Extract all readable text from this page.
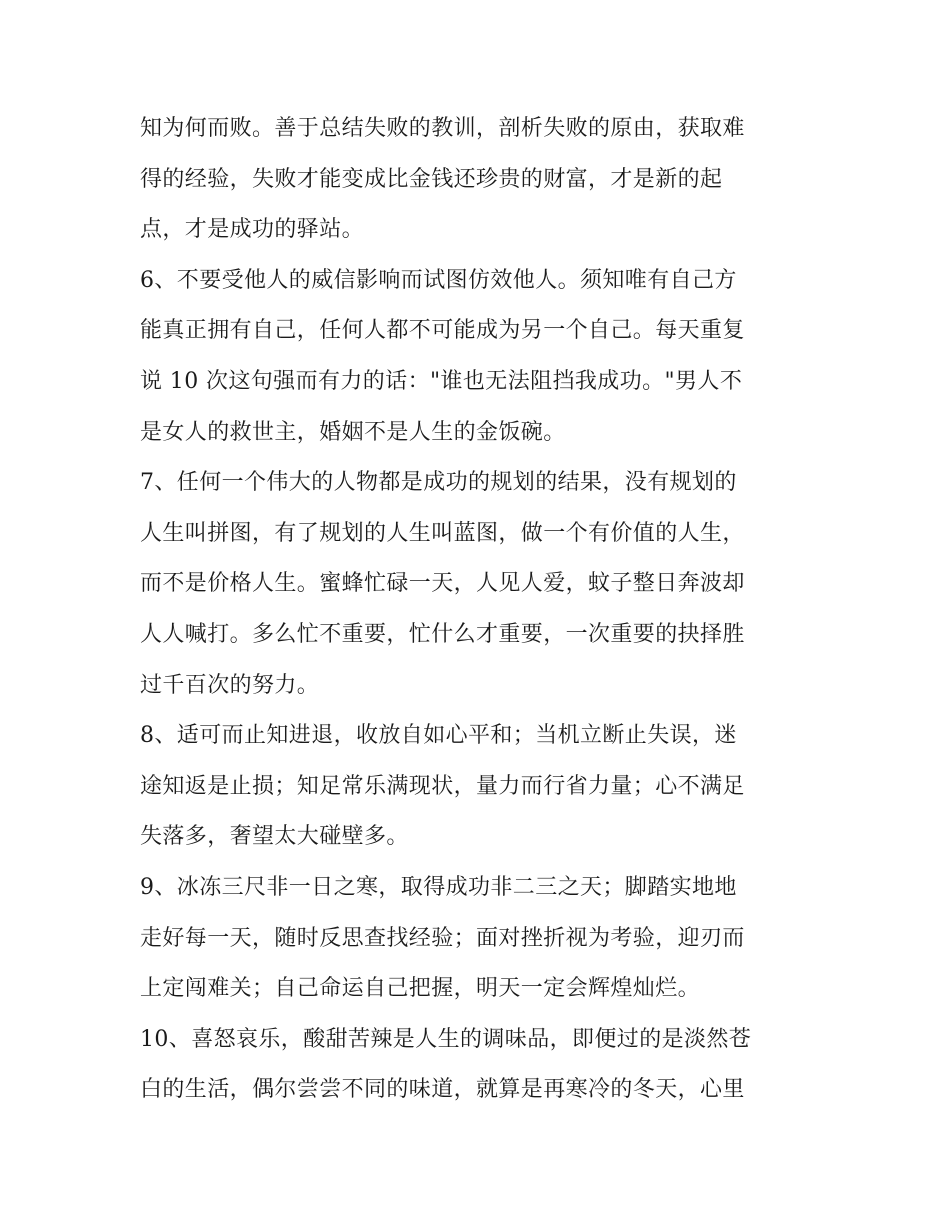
知为何而败。善于总结失败的教训，剖析失败的原由，获取难
得的经验，失败才能变成比金钱还珍贵的财富，才是新的起
点，才是成功的驿站。
6、不要受他人的威信影响而试图仿效他人。须知唯有自己方
能真正拥有自己，任何人都不可能成为另一个自己。每天重复
说 10 次这句强而有力的话："谁也无法阻挡我成功。"男人不
是女人的救世主，婚姻不是人生的金饭碗。
7、任何一个伟大的人物都是成功的规划的结果，没有规划的
人生叫拼图，有了规划的人生叫蓝图，做一个有价值的人生，
而不是价格人生。蜜蜂忙碌一天，人见人爱，蚊子整日奔波却
人人喊打。多么忙不重要，忙什么才重要，一次重要的抉择胜
过千百次的努力。
8、适可而止知进退，收放自如心平和；当机立断止失误，迷
途知返是止损；知足常乐满现状，量力而行省力量；心不满足
失落多，奢望太大碰壁多。
9、冰冻三尺非一日之寒，取得成功非二三之天；脚踏实地地
走好每一天，随时反思查找经验；面对挫折视为考验，迎刃而
上定闯难关；自己命运自己把握，明天一定会辉煌灿烂。
10、喜怒哀乐，酸甜苦辣是人生的调味品，即便过的是淡然苍
白的生活，偶尔尝尝不同的味道，就算是再寒冷的冬天，心里
